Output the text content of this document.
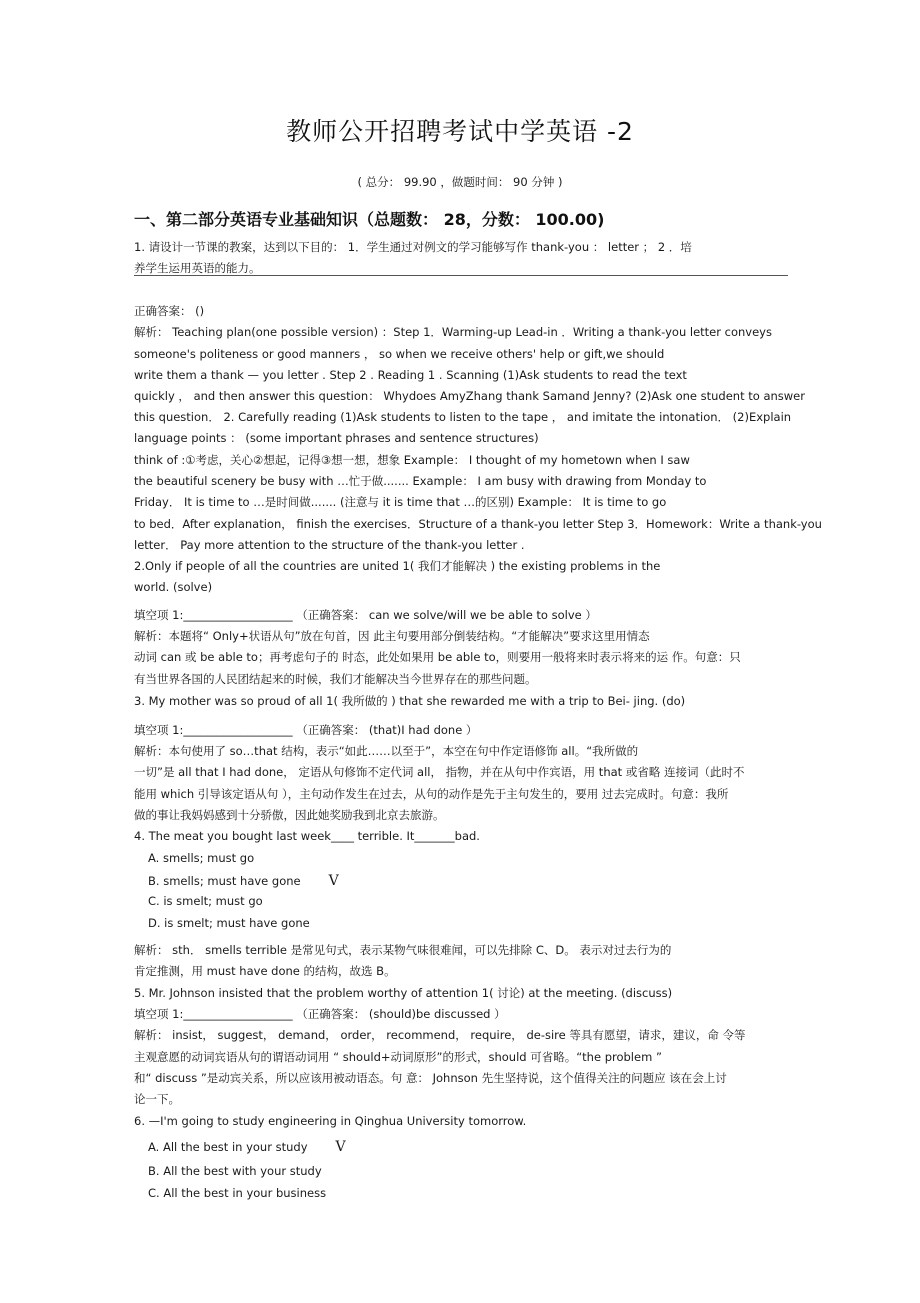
教师公开招聘考试中学英语 -2
( 总分： 99.90 ，做题时间： 90 分钟 )
一、第二部分英语专业基础知识（总题数： 28，分数： 100.00)
1. 请设计一节课的教案，达到以下目的： 1．学生通过对例文的学习能够写作 thank-you ： letter ； 2 ．培
养学生运用英语的能力。
正确答案： ()
解析： Teaching plan(one possible version) ：Step 1．Warming-up Lead-in ．Writing a thank-you letter conveys
someone's politeness or good manners ， so when we receive others' help or gift,we should
write them a thank — you letter . Step 2 . Reading 1 . Scanning (1)Ask students to read the text
quickly ， and then answer this question： Whydoes AmyZhang thank Samand Jenny? (2)Ask one student to answer
this question． 2. Carefully reading (1)Ask students to listen to the tape ， and imitate the intonation． (2)Explain
language points ： (some important phrases and sentence structures)
think of :①考虑，关心②想起，记得③想一想，想象 Example： I thought of my hometown when I saw
the beautiful scenery be busy with …忙于做....... Example： I am busy with drawing from Monday to
Friday． It is time to …是时间做....... (注意与 it is time that …的区别) Example： It is time to go
to bed．After explanation， finish the exercises．Structure of a thank-you letter Step 3．Homework：Write a thank-you
letter． Pay more attention to the structure of the thank-you letter .
2.Only if people of all the countries are united 1( 我们才能解决 ) the existing problems in the
world. (solve)
填空项 1:___________________ （正确答案： can we solve/will we be able to solve ）
解析：本题将“ Only+状语从句”放在句首，因 此主句要用部分倒装结构。“才能解决”要求这里用情态
动词 can 或 be able to；再考虑句子的 时态，此处如果用 be able to，则要用一般将来时表示将来的运 作。句意：只
有当世界各国的人民团结起来的时候，我们才能解决当今世界存在的那些问题。
3. My mother was so proud of all 1( 我所做的 ) that she rewarded me with a trip to Bei- jing. (do)
填空项 1:___________________ （正确答案： (that)I had done ）
解析：本句使用了 so…that 结构，表示“如此……以至于”，本空在句中作定语修饰 all。“我所做的
一切”是 all that I had done， 定语从句修饰不定代词 all， 指物，并在从句中作宾语，用 that 或省略 连接词（此时不
能用 which 引导该定语从句 ），主句动作发生在过去，从句的动作是先于主句发生的，要用 过去完成时。句意：我所
做的事让我妈妈感到十分骄傲，因此她奖励我到北京去旅游。
4. The meat you bought last week____ terrible. It_______bad.
解析： sth． smells terrible 是常见句式，表示某物气味很难闻，可以先排除 C、D。 表示对过去行为的
肯定推测，用 must have done 的结构，故选 B。
5. Mr. Johnson insisted that the problem worthy of attention 1( 讨论) at the meeting. (discuss)
填空项 1:___________________ （正确答案： (should)be discussed ）
解析： insist， suggest， demand， order， recommend， require， de-sire 等具有愿望，请求，建议，命 令等
主观意愿的动词宾语从句的谓语动词用 “ should+动词原形”的形式，should 可省略。“the problem ”
和“ discuss ”是动宾关系，所以应该用被动语态。句 意： Johnson 先生坚持说，这个值得关注的问题应 该在会上讨
论一下。
6. —I'm going to study engineering in Qinghua University tomorrow.
A. smells; must go
B. smells; must have gone V
C. is smelt; must go
D. is smelt; must have gone
A. All the best in your study V
B. All the best with your study
C. All the best in your business
